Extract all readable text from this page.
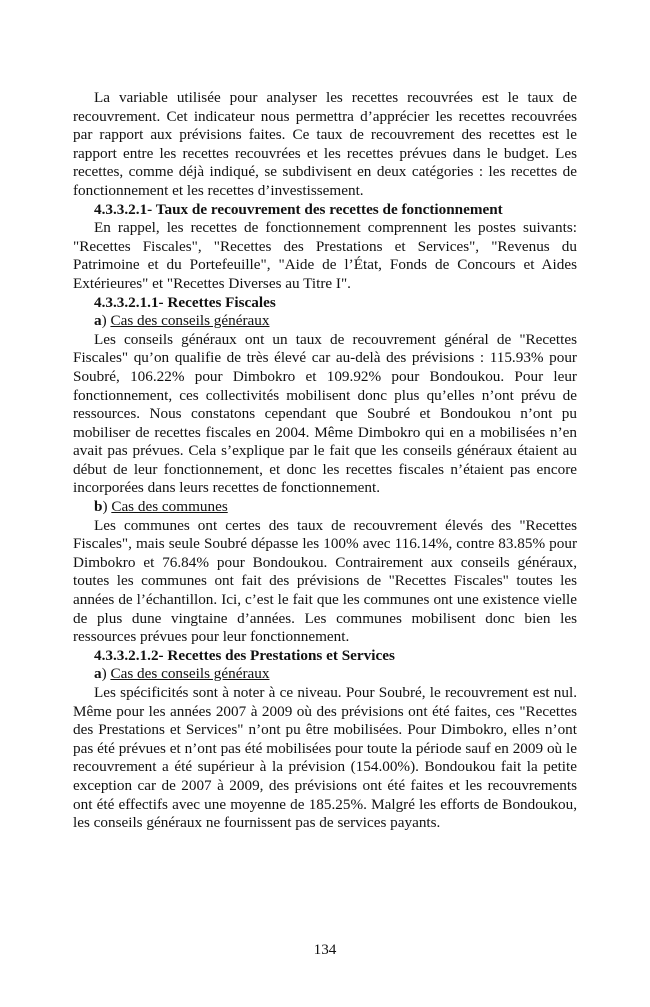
La variable utilisée pour analyser les recettes recouvrées est le taux de recouvrement. Cet indicateur nous permettra d’apprécier les recettes recouvrées par rapport aux prévisions faites. Ce taux de recouvrement des recettes est le rapport entre les recettes recouvrées et les recettes prévues dans le budget. Les recettes, comme déjà indiqué, se subdivisent en deux catégories : les recettes de fonctionnement et les recettes d’investissement.

4.3.3.2.1- Taux de recouvrement des recettes de fonctionnement

En rappel, les recettes de fonctionnement comprennent les postes suivants: "Recettes Fiscales", "Recettes des Prestations et Services", "Revenus du Patrimoine et du Portefeuille", "Aide de l’État, Fonds de Concours et Aides Extérieures" et "Recettes Diverses au Titre I".

4.3.3.2.1.1- Recettes Fiscales

a) Cas des conseils généraux

Les conseils généraux ont un taux de recouvrement général de "Recettes Fiscales" qu’on qualifie de très élevé car au-delà des prévisions : 115.93% pour Soubré, 106.22% pour Dimbokro et 109.92% pour Bondoukou. Pour leur fonctionnement, ces collectivités mobilisent donc plus qu’elles n’ont prévu de ressources. Nous constatons cependant que Soubré et Bondoukou n’ont pu mobiliser de recettes fiscales en 2004. Même Dimbokro qui en a mobilisées n’en avait pas prévues. Cela s’explique par le fait que les conseils généraux étaient au début de leur fonctionnement, et donc les recettes fiscales n’étaient pas encore incorporées dans leurs recettes de fonctionnement.

b) Cas des communes

Les communes ont certes des taux de recouvrement élevés des "Recettes Fiscales", mais seule Soubré dépasse les 100% avec 116.14%, contre 83.85% pour Dimbokro et 76.84% pour Bondoukou. Contrairement aux conseils généraux, toutes les communes ont fait des prévisions de "Recettes Fiscales" toutes les années de l’échantillon. Ici, c’est le fait que les communes ont une existence vielle de plus dune vingtaine d’années. Les communes mobilisent donc bien les ressources prévues pour leur fonctionnement.

4.3.3.2.1.2- Recettes des Prestations et Services

a) Cas des conseils généraux

Les spécificités sont à noter à ce niveau. Pour Soubré, le recouvrement est nul. Même pour les années 2007 à 2009 où des prévisions ont été faites, ces "Recettes des Prestations et Services" n’ont pu être mobilisées. Pour Dimbokro, elles n’ont pas été prévues et n’ont pas été mobilisées pour toute la période sauf en 2009 où le recouvrement a été supérieur à la prévision (154.00%). Bondoukou fait la petite exception car de 2007 à 2009, des prévisions ont été faites et les recouvrements ont été effectifs avec une moyenne de 185.25%. Malgré les efforts de Bondoukou, les conseils généraux ne fournissent pas de services payants.

134
